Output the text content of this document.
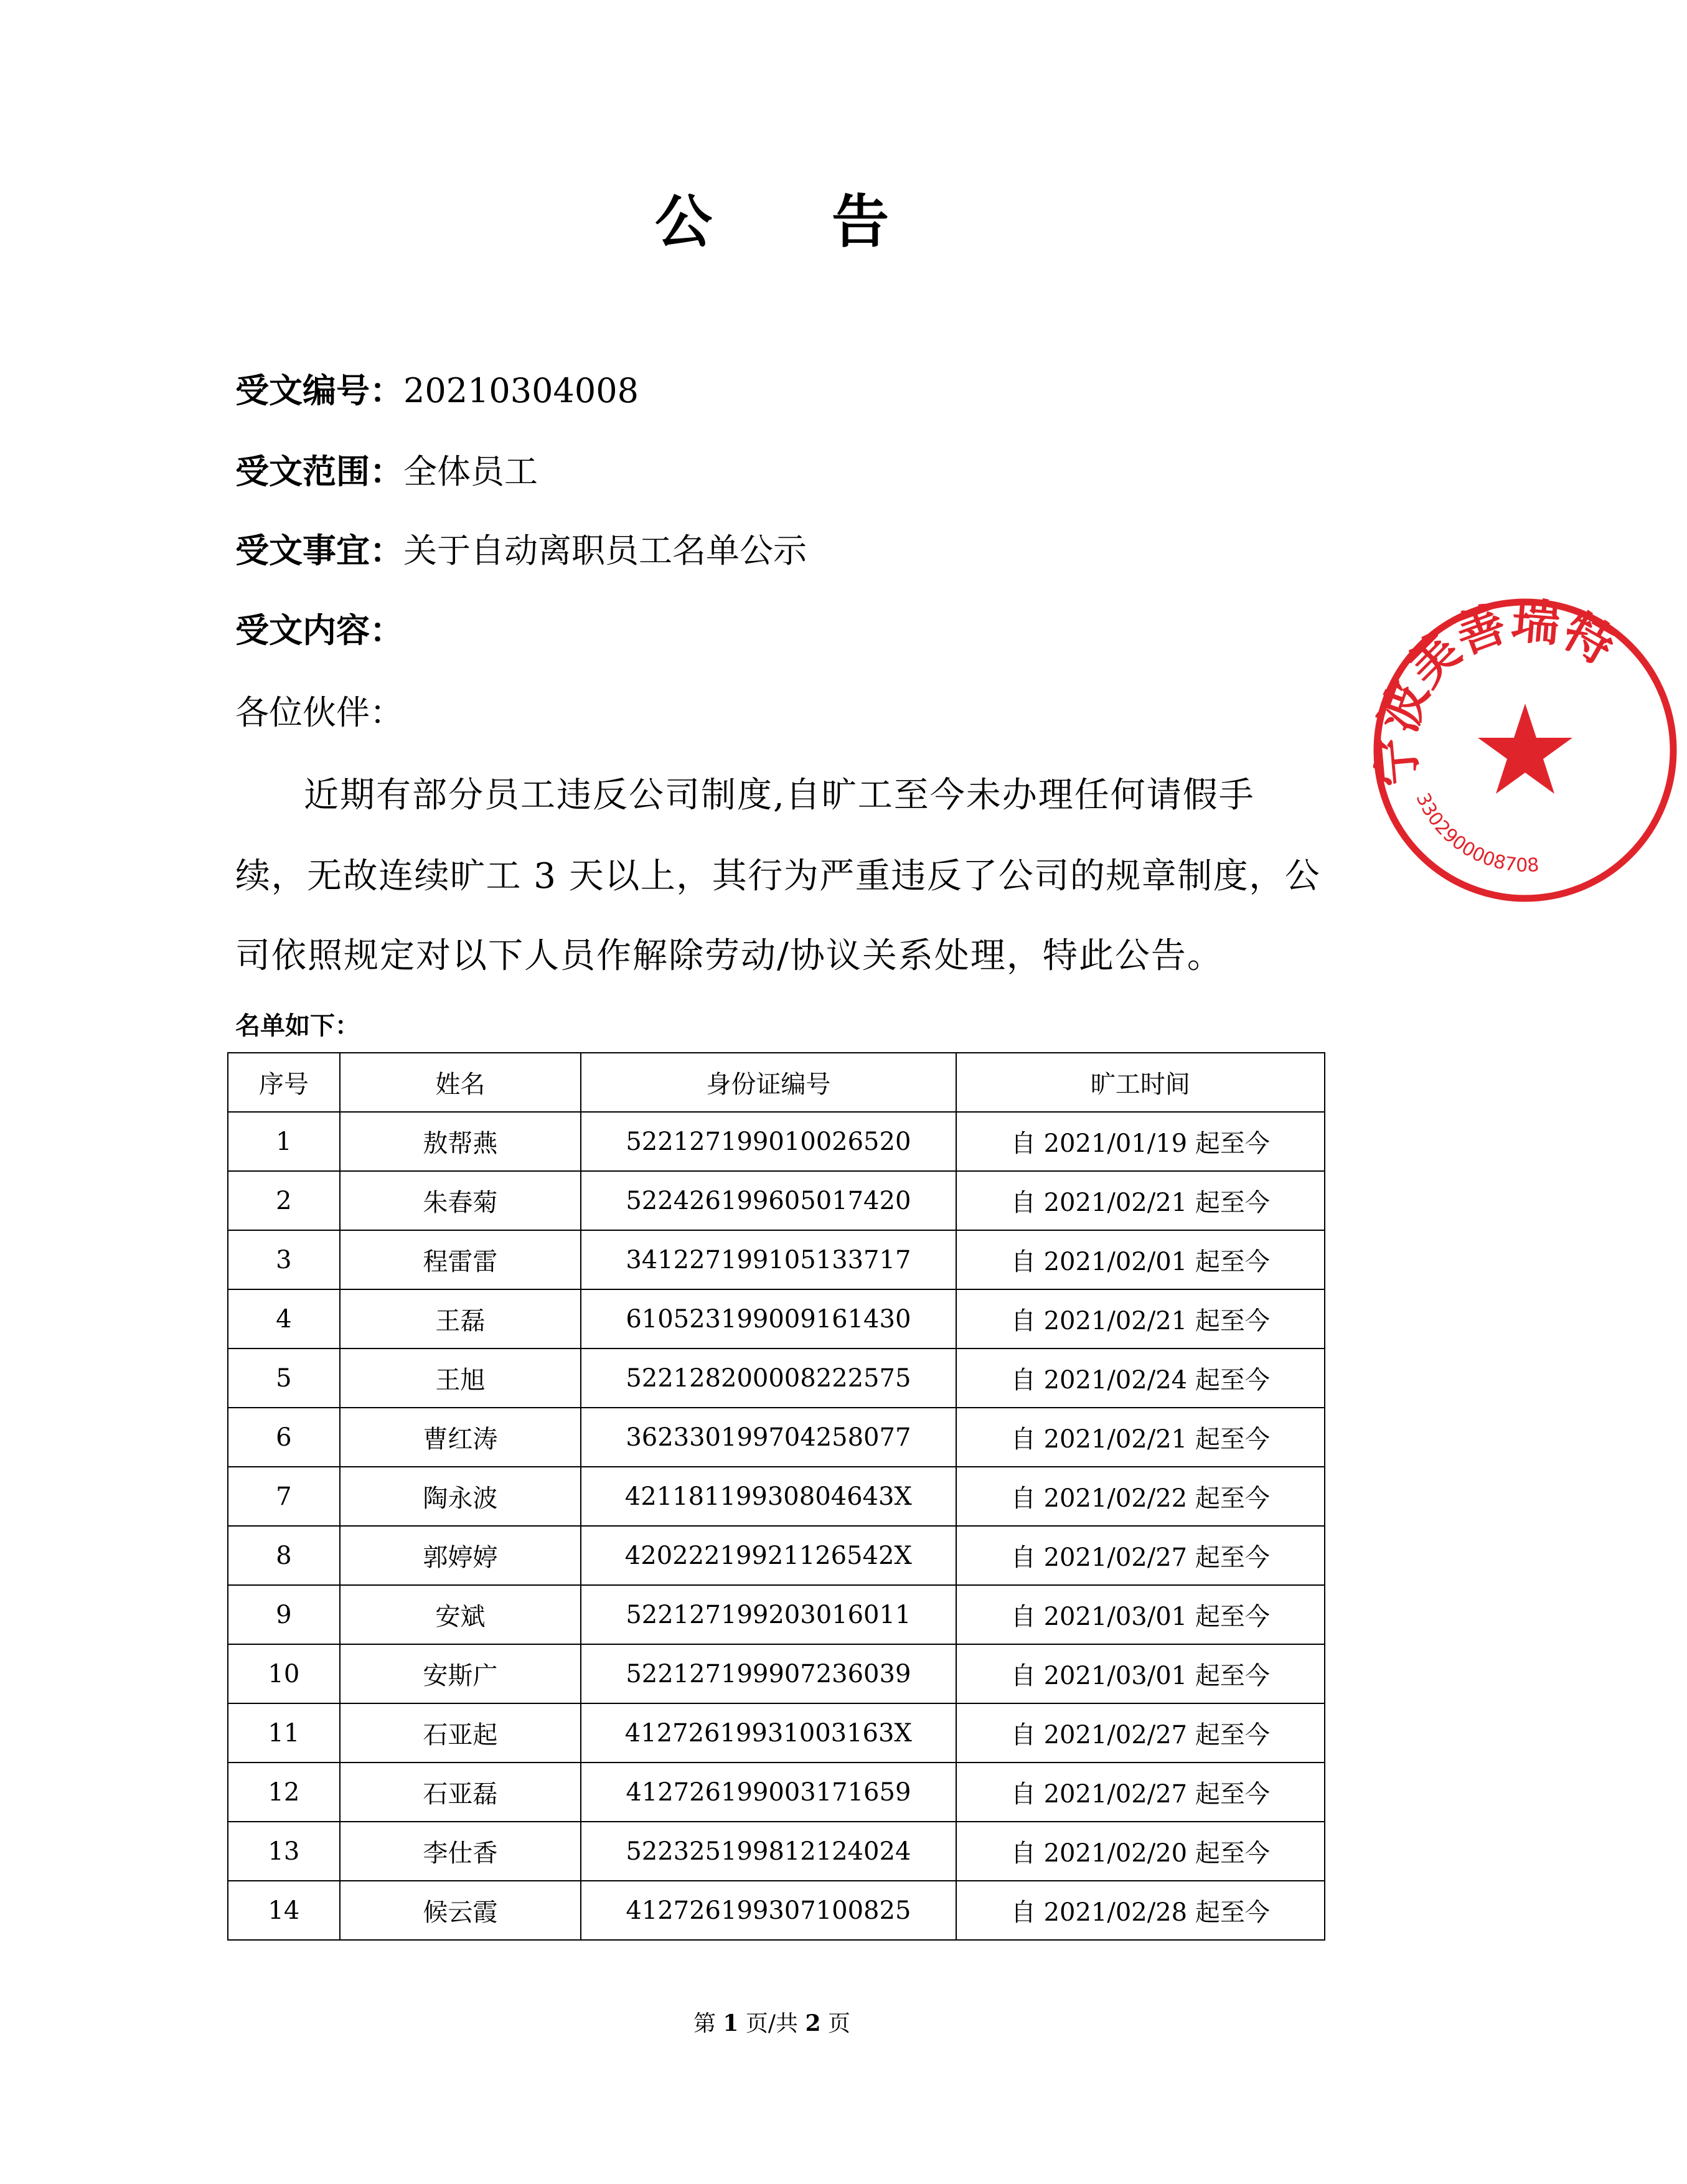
公 告
受文编号：20210304008
受文范围：全体员工
受文事宜：关于自动离职员工名单公示
受文内容：
各位伙伴：
近期有部分员工违反公司制度,自旷工至今未办理任何请假手
续，无故连续旷工 3 天以上，其行为严重违反了公司的规章制度，公
司依照规定对以下人员作解除劳动/协议关系处理，特此公告。
名单如下：
序号	姓名	身份证编号	旷工时间
1	敖帮燕	522127199010026520	自 2021/01/19 起至今
2	朱春菊	522426199605017420	自 2021/02/21 起至今
3	程雷雷	341227199105133717	自 2021/02/01 起至今
4	王磊	610523199009161430	自 2021/02/21 起至今
5	王旭	522128200008222575	自 2021/02/24 起至今
6	曹红涛	362330199704258077	自 2021/02/21 起至今
7	陶永波	42118119930804643X	自 2021/02/22 起至今
8	郭婷婷	42022219921126542X	自 2021/02/27 起至今
9	安斌	522127199203016011	自 2021/03/01 起至今
10	安斯广	522127199907236039	自 2021/03/01 起至今
11	石亚起	41272619931003163X	自 2021/02/27 起至今
12	石亚磊	412726199003171659	自 2021/02/27 起至今
13	李仕香	522325199812124024	自 2021/02/20 起至今
14	候云霞	412726199307100825	自 2021/02/28 起至今
第 1 页/共 2 页
宁波美善瑞特
3302900008708
